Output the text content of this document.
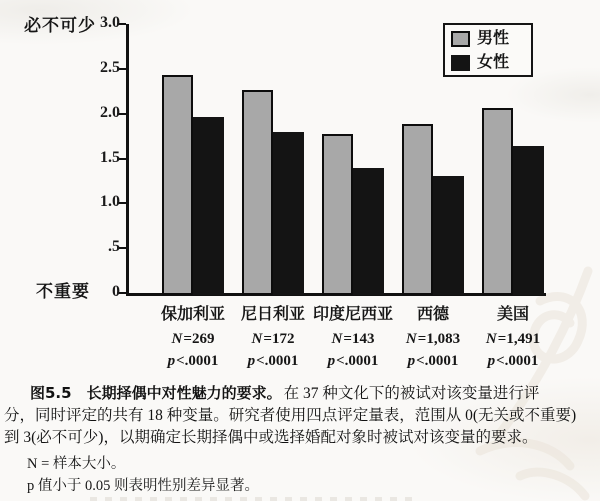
必不可少
不重要
3.0
2.5
2.0
1.5
1.0
.5
0
保加利亚 尼日利亚 印度尼西亚	西德	美国
N=269
p<.0001
N=172
p<.0001
N=143
p<.0001
N=1,083
p<.0001
N=1,491
p<.0001
男性
女性
图5.5　长期择偶中对性魅力的要求。 在 37 种文化下的被试对该变量进行评
分，同时评定的共有 18 种变量。研究者使用四点评定量表，范围从 0(无关或不重要)
到 3(必不可少)，以期确定长期择偶中或选择婚配对象时被试对该变量的要求。
N = 样本大小。
p 值小于 0.05 则表明性别差异显著。
